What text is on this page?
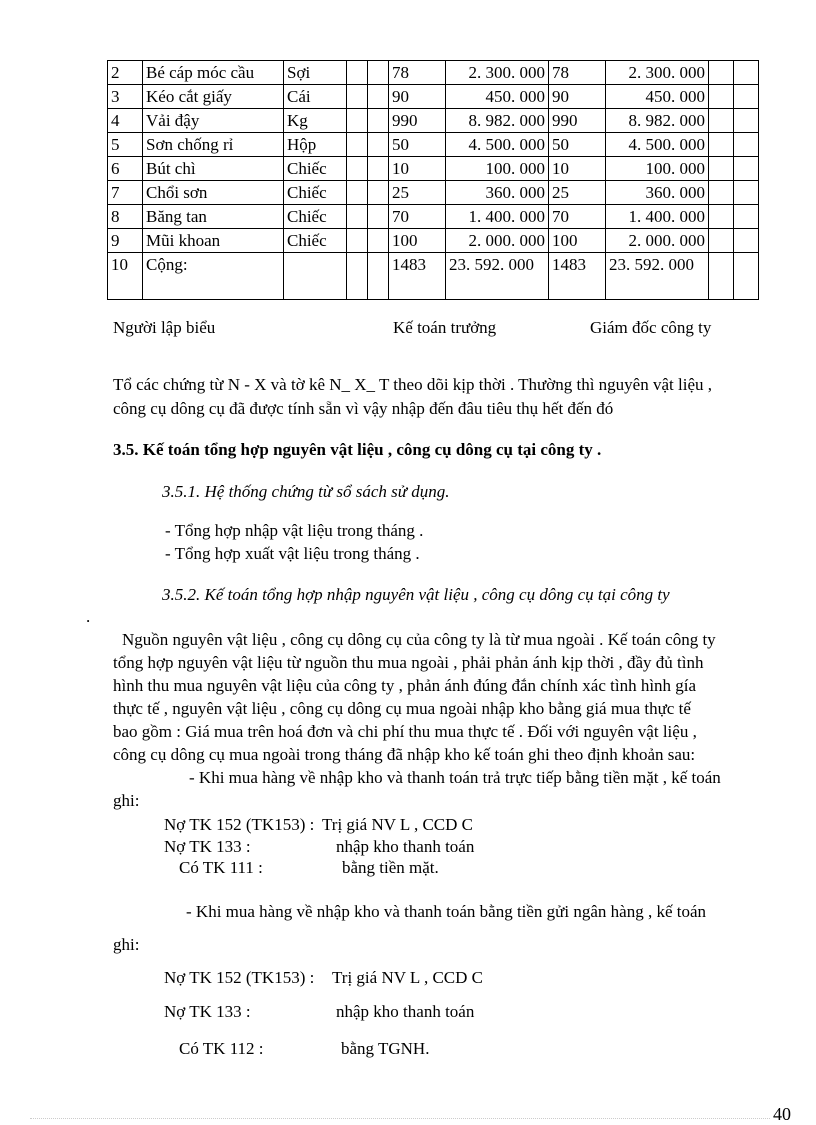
2	Bé cáp móc cầu	Sợi			78	2. 300. 000	78	2. 300. 000		
3	Kéo cắt giấy	Cái			90	450. 000	90	450. 000		
4	Vải đậy	Kg			990	8. 982. 000	990	8. 982. 000		
5	Sơn chống rỉ	Hộp			50	4. 500. 000	50	4. 500. 000		
6	Bút chì	Chiếc			10	100. 000	10	100. 000		
7	Chổi sơn	Chiếc			25	360. 000	25	360. 000		
8	Băng tan	Chiếc			70	1. 400. 000	70	1. 400. 000		
9	Mũi khoan	Chiếc			100	2. 000. 000	100	2. 000. 000		
10	Cộng:				1483	23. 592. 000	1483	23. 592. 000		
Người lập biểu	Kế toán trưởng	Giám đốc công ty
Tổ các chứng từ N - X và tờ kê N_ X_ T theo dõi kịp thời . Thường thì nguyên vật liệu ,
công cụ dông cụ đã được tính sẵn vì vậy nhập đến đâu tiêu thụ hết đến đó
3.5. Kế toán tổng hợp nguyên vật liệu , công cụ dông cụ tại công ty .
3.5.1. Hệ thống chứng từ sổ sách sử dụng.
- Tổng hợp nhập vật liệu trong tháng .
- Tổng hợp xuất vật liệu trong tháng .
3.5.2. Kế toán tổng hợp nhập nguyên vật liệu , công cụ dông cụ tại công ty
.
Nguồn nguyên vật liệu , công cụ dông cụ của công ty là từ mua ngoài . Kế toán công ty
tổng hợp nguyên vật liệu từ nguồn thu mua ngoài , phải phản ánh kịp thời , đầy đủ tình
hình thu mua nguyên vật liệu của công ty , phản ánh đúng đắn chính xác tình hình gía
thực tế , nguyên vật liệu , công cụ dông cụ mua ngoài nhập kho bằng giá mua thực tế
bao gồm : Giá mua trên hoá đơn và chi phí thu mua thực tế . Đối với nguyên vật liệu ,
công cụ dông cụ mua ngoài trong tháng đã nhập kho kế toán ghi theo định khoản sau:
- Khi mua hàng về nhập kho và thanh toán trả trực tiếp bằng tiền mặt , kế toán
ghi:
Nợ TK 152 (TK153) : Trị giá NV L , CCD C
Nợ TK 133 :	nhập kho thanh toán
Có TK 111 :	bằng tiền mặt.
- Khi mua hàng về nhập kho và thanh toán bằng tiền gửi ngân hàng , kế toán
ghi:
Nợ TK 152 (TK153) : Trị giá NV L , CCD C
Nợ TK 133 :	nhập kho thanh toán
Có TK 112 :	bằng TGNH.
40
